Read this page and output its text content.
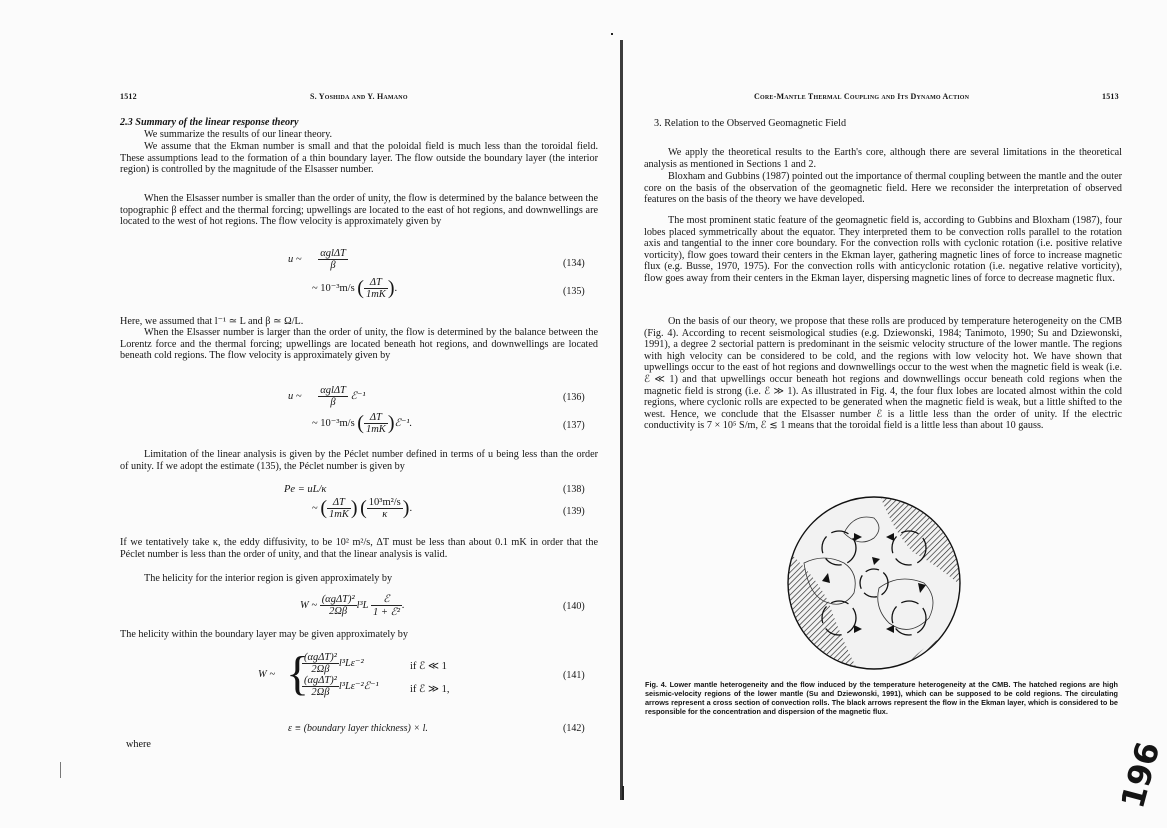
1512	S. Yoshida and Y. Hamano
2.3 Summary of the linear response theory

We summarize the results of our linear theory.

We assume that the Ekman number is small and that the poloidal field is much less than the toroidal field. These assumptions lead to the formation of a thin boundary layer. The flow outside the boundary layer (the interior region) is controlled by the magnitude of the Elsasser number.

When the Elsasser number is smaller than the order of unity, the flow is determined by the balance between the topographic β effect and the thermal forcing; upwellings are located to the east of hot regions, and downwellings are located to the west of hot regions. The flow velocity is approximately given by

u ~ $\frac{\text{αglΔT}}{\beta}$	(134)
~ 10⁻³m/s ( $\frac{\Delta T}{1mK}$ ).	(135)

Here, we assumed that l⁻¹ ≃ L and β ≃ Ω/L.

When the Elsasser number is larger than the order of unity, the flow is determined by the balance between the Lorentz force and the thermal forcing; upwellings are located beneath hot regions, and downwellings are located beneath cold regions. The flow velocity is approximately given by

u ~ $\frac{\text{αglΔT}}{\beta}$ ℰ⁻¹	(136)
~ 10⁻³m/s ( $\frac{\Delta T}{1mK}$ )ℰ⁻¹.	(137)

Limitation of the linear analysis is given by the Péclet number defined in terms of u being less than the order of unity. If we adopt the estimate (135), the Péclet number is given by

Pe = uL/κ	(138)
~ ( $\frac{\Delta T}{1mK}$ ) ( $\frac{\text{10³m²/s}}{\kappa}$ ).	(139)

If we tentatively take κ, the eddy diffusivity, to be 10² m²/s, ΔT must be less than about 0.1 mK in order that the Péclet number is less than the order of unity, and that the linear analysis is valid.

The helicity for the interior region is given approximately by

W ~ $\frac{\text{(αgΔT)²}}{2\Omega\beta} l^3L \frac{\text{ℰ}}{\text{1 + ℰ²}}$ .	(140)

The helicity within the boundary layer may be given approximately by

W ~ {
$\frac{\text{(αgΔT)²}}{2\Omega\beta} l^3L\varepsilon^{-2}$	if ℰ ≪ 1
$\frac{\text{(αgΔT)²}}{2\Omega\beta}$ l³Lε⁻²ℰ⁻¹	if ℰ ≫ 1,
(141)
where
ε ≡ (boundary layer thickness) × l.	(142)
Core-Mantle Thermal Coupling and Its Dynamo Action	1513
3. Relation to the Observed Geomagnetic Field

We apply the theoretical results to the Earth's core, although there are several limitations in the theoretical analysis as mentioned in Sections 1 and 2.

Bloxham and Gubbins (1987) pointed out the importance of thermal coupling between the mantle and the outer core on the basis of the observation of the geomagnetic field. Here we reconsider the interpretation of observed features on the basis of the theory we have developed.

The most prominent static feature of the geomagnetic field is, according to Gubbins and Bloxham (1987), four lobes placed symmetrically about the equator. They interpreted them to be convection rolls parallel to the rotation axis and tangential to the inner core boundary. For the convection rolls with cyclonic rotation (i.e. positive relative vorticity), flow goes toward their centers in the Ekman layer, gathering magnetic lines of force to increase magnetic flux (e.g. Busse, 1970, 1975). For the convection rolls with anticyclonic rotation (i.e. negative relative vorticity), flow goes away from their centers in the Ekman layer, dispersing magnetic lines of force to decrease magnetic flux.

On the basis of our theory, we propose that these rolls are produced by temperature heterogeneity on the CMB (Fig. 4). According to recent seismological studies (e.g. Dziewonski, 1984; Tanimoto, 1990; Su and Dziewonski, 1991), a degree 2 sectorial pattern is predominant in the seismic velocity structure of the lower mantle. The regions with high velocity can be considered to be cold, and the regions with low velocity hot. We have shown that upwellings occur to the east of hot regions and downwellings occur to the west when the magnetic field is weak (i.e. ℰ ≪ 1) and that upwellings occur beneath hot regions and downwellings occur beneath cold regions when the magnetic field is strong (i.e. ℰ ≫ 1). As illustrated in Fig. 4, the four flux lobes are located almost within the cold regions, where cyclonic rolls are expected to be generated when the magnetic field is weak, but a little shifted to the west. Hence, we conclude that the Elsasser number ℰ is a little less than the order of unity. If the electric conductivity is 7 × 10⁵ S/m, ℰ ≲ 1 means that the toroidal field is a little less than about 10 gauss.

Fig. 4. Lower mantle heterogeneity and the flow induced by the temperature heterogeneity at the CMB. The hatched regions are high seismic-velocity regions of the lower mantle (Su and Dziewonski, 1991), which can be supposed to be cold regions. The circulating arrows represent a cross section of convection rolls. The black arrows represent the flow in the Ekman layer, which is considered to be responsible for the concentration and dispersion of the magnetic flux.
196
